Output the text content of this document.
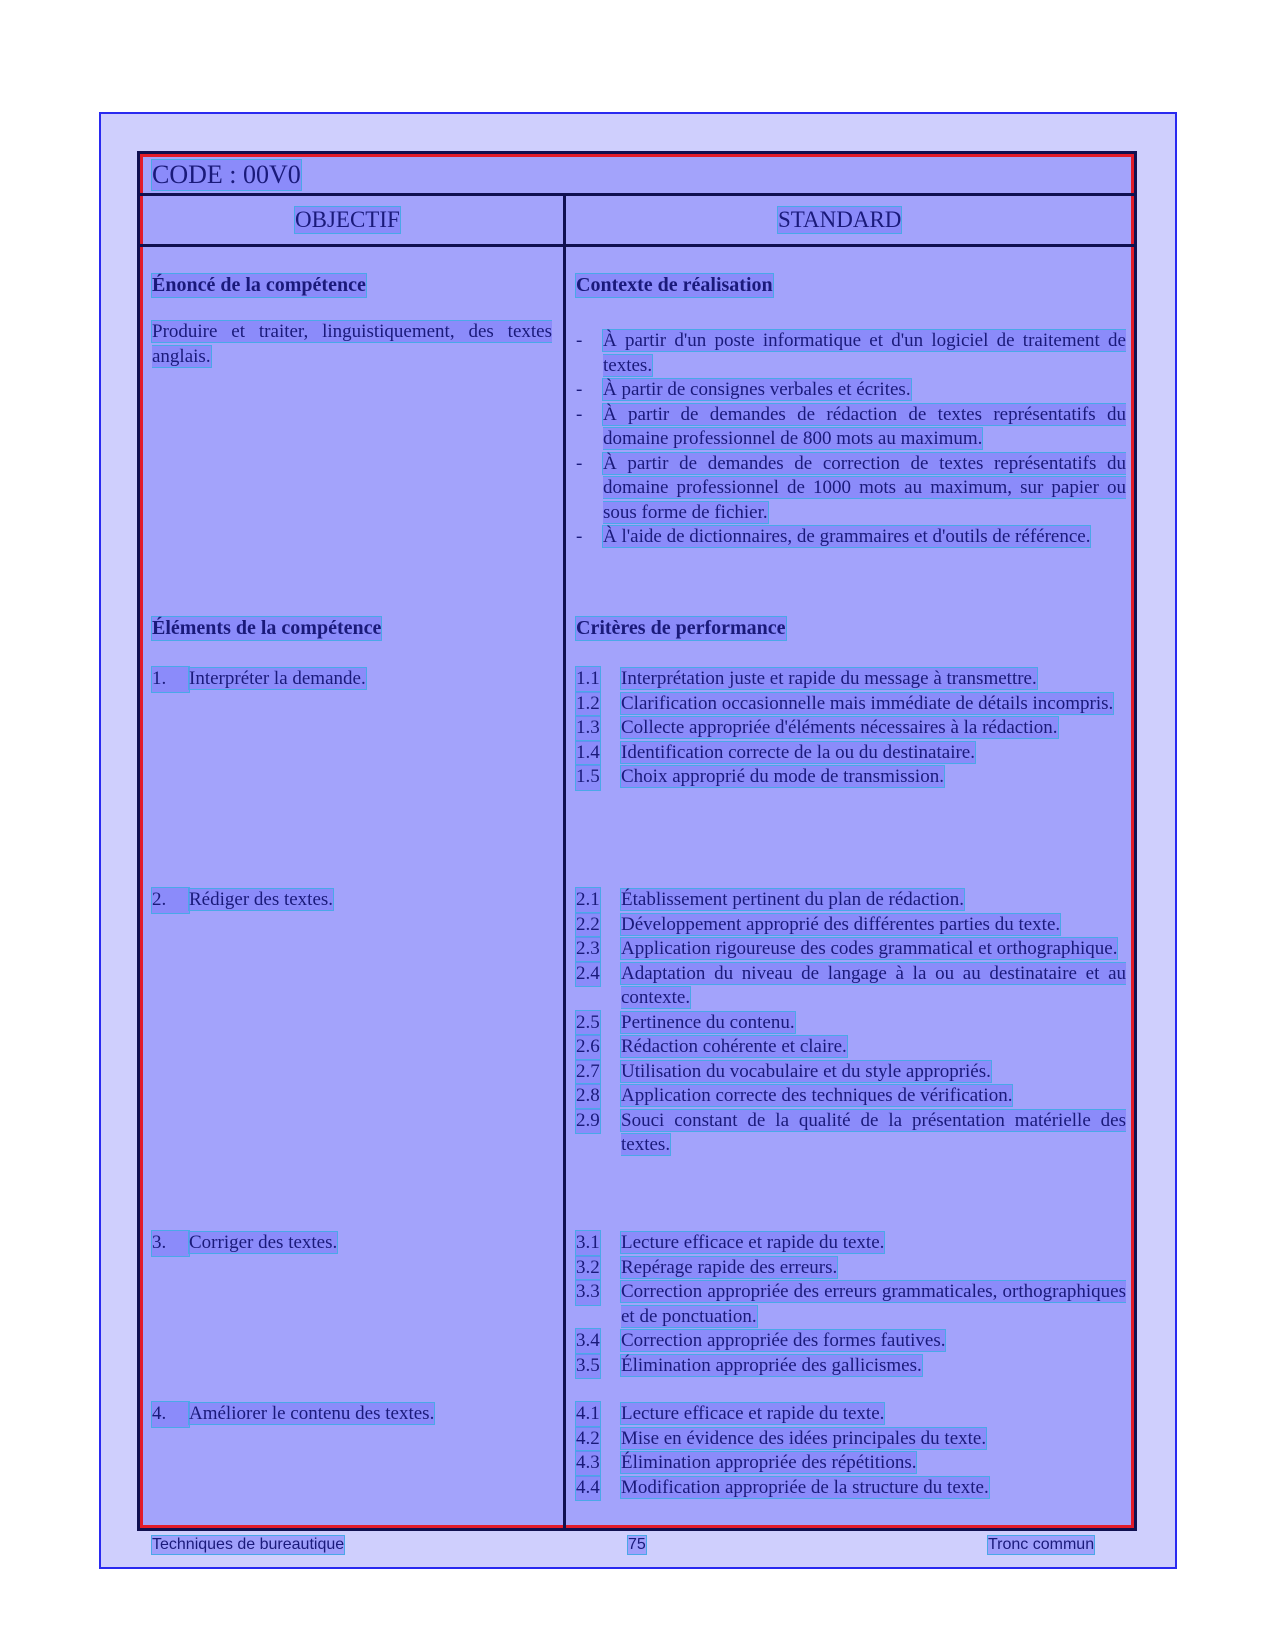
CODE : 00V0
OBJECTIF	STANDARD
Énoncé de la compétence	Contexte de réalisation
Produire et traiter, linguistiquement, des textes anglais.
- À partir d'un poste informatique et d'un logiciel de traitement de textes.
- À partir de consignes verbales et écrites.
- À partir de demandes de rédaction de textes représentatifs du domaine professionnel de 800 mots au maximum.
- À partir de demandes de correction de textes représentatifs du domaine professionnel de 1000 mots au maximum, sur papier ou sous forme de fichier.
- À l'aide de dictionnaires, de grammaires et d'outils de référence.
Éléments de la compétence	Critères de performance
1. Interpréter la demande.	1.1 Interprétation juste et rapide du message à transmettre.
1.2 Clarification occasionnelle mais immédiate de détails incompris.
1.3 Collecte appropriée d'éléments nécessaires à la rédaction.
1.4 Identification correcte de la ou du destinataire.
1.5 Choix approprié du mode de transmission.
2. Rédiger des textes.	2.1 Établissement pertinent du plan de rédaction.
2.2 Développement approprié des différentes parties du texte.
2.3 Application rigoureuse des codes grammatical et orthographique.
2.4 Adaptation du niveau de langage à la ou au destinataire et au contexte.
2.5 Pertinence du contenu.
2.6 Rédaction cohérente et claire.
2.7 Utilisation du vocabulaire et du style appropriés.
2.8 Application correcte des techniques de vérification.
2.9 Souci constant de la qualité de la présentation matérielle des textes.
3. Corriger des textes.	3.1 Lecture efficace et rapide du texte.
3.2 Repérage rapide des erreurs.
3.3 Correction appropriée des erreurs grammaticales, orthographiques et de ponctuation.
3.4 Correction appropriée des formes fautives.
3.5 Élimination appropriée des gallicismes.
4. Améliorer le contenu des textes.	4.1 Lecture efficace et rapide du texte.
4.2 Mise en évidence des idées principales du texte.
4.3 Élimination appropriée des répétitions.
4.4 Modification appropriée de la structure du texte.
Techniques de bureautique	75	Tronc commun
